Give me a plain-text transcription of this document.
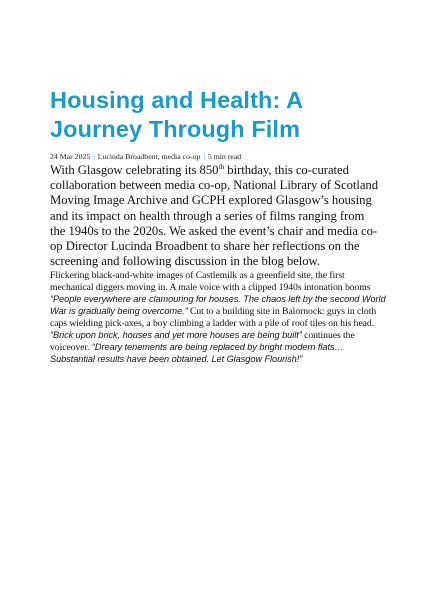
Housing and Health: A Journey Through Film
24 Mar 2025 | Lucinda Broadbent, media co-op | 5 min read

With Glasgow celebrating its 850th birthday, this co-curated collaboration between media co-op, National Library of Scotland Moving Image Archive and GCPH explored Glasgow’s housing and its impact on health through a series of films ranging from the 1940s to the 2020s. We asked the event’s chair and media co-op Director Lucinda Broadbent to share her reflections on the screening and following discussion in the blog below.

Flickering black-and-white images of Castlemilk as a greenfield site, the first mechanical diggers moving in. A male voice with a clipped 1940s intonation booms “People everywhere are clamouring for houses. The chaos left by the second World War is gradually being overcome.” Cut to a building site in Balornock: guys in cloth caps wielding pick-axes, a boy climbing a ladder with a pile of roof tiles on his head. “Brick upon brick, houses and yet more houses are being built” continues the voiceover. “Dreary tenements are being replaced by bright modern flats… Substantial results have been obtained. Let Glasgow Flourish!”
